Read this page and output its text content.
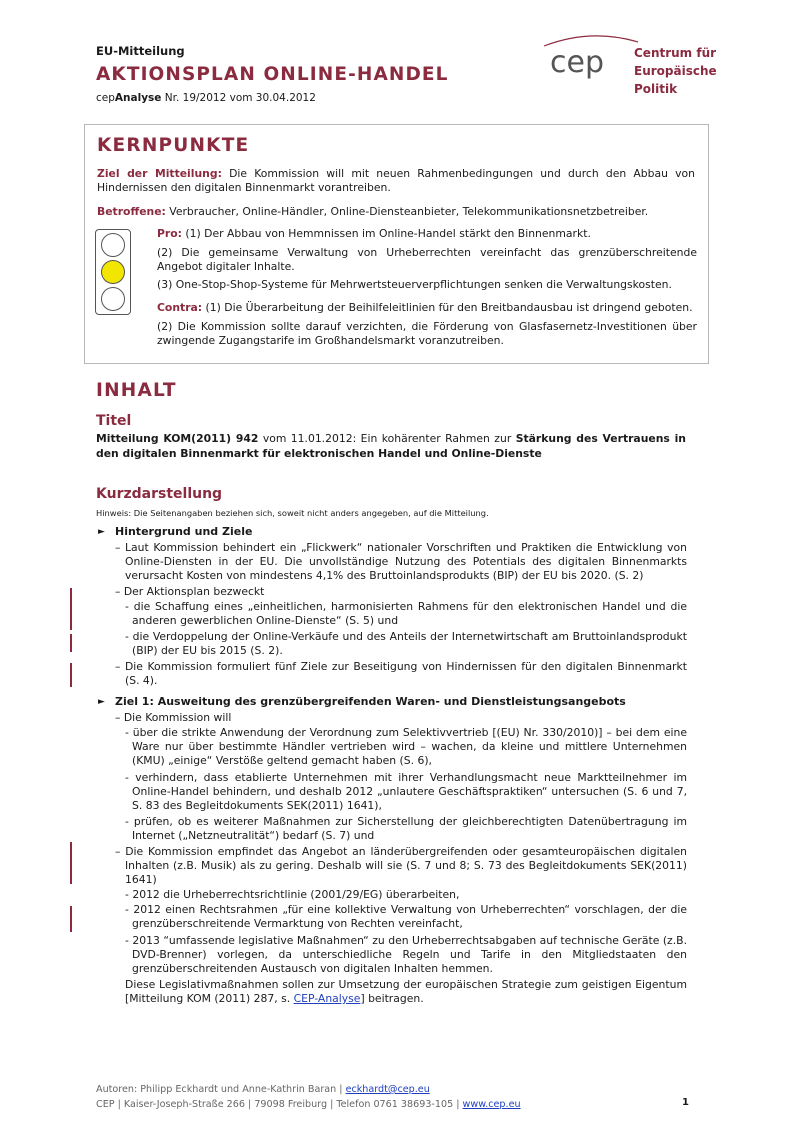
EU-Mitteilung
AKTIONSPLAN ONLINE-HANDEL
cepAnalyse Nr. 19/2012 vom 30.04.2012
cep	Centrum für
Europäische Politik
KERNPUNKTE
Ziel der Mitteilung: Die Kommission will mit neuen Rahmenbedingungen und durch den Abbau von Hindernissen den digitalen Binnenmarkt vorantreiben.
Betroffene: Verbraucher, Online-Händler, Online-Diensteanbieter, Telekommunikationsnetzbetreiber.
Pro: (1) Der Abbau von Hemmnissen im Online-Handel stärkt den Binnenmarkt.
(2) Die gemeinsame Verwaltung von Urheberrechten vereinfacht das grenzüberschreitende Angebot digitaler Inhalte.
(3) One-Stop-Shop-Systeme für Mehrwertsteuerverpflichtungen senken die Verwaltungskosten.
Contra: (1) Die Überarbeitung der Beihilfeleitlinien für den Breitbandausbau ist dringend geboten.
(2) Die Kommission sollte darauf verzichten, die Förderung von Glasfasernetz-Investitionen über zwingende Zugangstarife im Großhandelsmarkt voranzutreiben.
INHALT
Titel
Mitteilung KOM(2011) 942 vom 11.01.2012: Ein kohärenter Rahmen zur Stärkung des Vertrauens in den digitalen Binnenmarkt für elektronischen Handel und Online-Dienste
Kurzdarstellung
Hinweis: Die Seitenangaben beziehen sich, soweit nicht anders angegeben, auf die Mitteilung.
► Hintergrund und Ziele
– Laut Kommission behindert ein „Flickwerk“ nationaler Vorschriften und Praktiken die Entwicklung von Online-Diensten in der EU. Die unvollständige Nutzung des Potentials des digitalen Binnenmarkts verursacht Kosten von mindestens 4,1% des Bruttoinlandsprodukts (BIP) der EU bis 2020. (S. 2)
– Der Aktionsplan bezweckt
- die Schaffung eines „einheitlichen, harmonisierten Rahmens für den elektronischen Handel und die anderen gewerblichen Online-Dienste“ (S. 5) und
- die Verdoppelung der Online-Verkäufe und des Anteils der Internetwirtschaft am Bruttoinlandsprodukt (BIP) der EU bis 2015 (S. 2).
– Die Kommission formuliert fünf Ziele zur Beseitigung von Hindernissen für den digitalen Binnenmarkt (S. 4).
► Ziel 1: Ausweitung des grenzübergreifenden Waren- und Dienstleistungsangebots
– Die Kommission will
- über die strikte Anwendung der Verordnung zum Selektivvertrieb [(EU) Nr. 330/2010)] – bei dem eine Ware nur über bestimmte Händler vertrieben wird – wachen, da kleine und mittlere Unternehmen (KMU) „einige“ Verstöße geltend gemacht haben (S. 6),
- verhindern, dass etablierte Unternehmen mit ihrer Verhandlungsmacht neue Marktteilnehmer im Online-Handel behindern, und deshalb 2012 „unlautere Geschäftspraktiken“ untersuchen (S. 6 und 7, S. 83 des Begleitdokuments SEK(2011) 1641),
- prüfen, ob es weiterer Maßnahmen zur Sicherstellung der gleichberechtigten Datenübertragung im Internet („Netzneutralität“) bedarf (S. 7) und
– Die Kommission empfindet das Angebot an länderübergreifenden oder gesamteuropäischen digitalen Inhalten (z.B. Musik) als zu gering. Deshalb will sie (S. 7 und 8; S. 73 des Begleitdokuments SEK(2011) 1641)
- 2012 die Urheberrechtsrichtlinie (2001/29/EG) überarbeiten,
- 2012 einen Rechtsrahmen „für eine kollektive Verwaltung von Urheberrechten“ vorschlagen, der die grenzüberschreitende Vermarktung von Rechten vereinfacht,
- 2013 “umfassende legislative Maßnahmen“ zu den Urheberrechtsabgaben auf technische Geräte (z.B. DVD-Brenner) vorlegen, da unterschiedliche Regeln und Tarife in den Mitgliedstaaten den grenzüberschreitenden Austausch von digitalen Inhalten hemmen.
Diese Legislativmaßnahmen sollen zur Umsetzung der europäischen Strategie zum geistigen Eigentum [Mitteilung KOM (2011) 287, s. CEP-Analyse] beitragen.
Autoren: Philipp Eckhardt und Anne-Kathrin Baran | eckhardt@cep.eu
CEP | Kaiser-Joseph-Straße 266 | 79098 Freiburg | Telefon 0761 38693-105 | www.cep.eu	1
